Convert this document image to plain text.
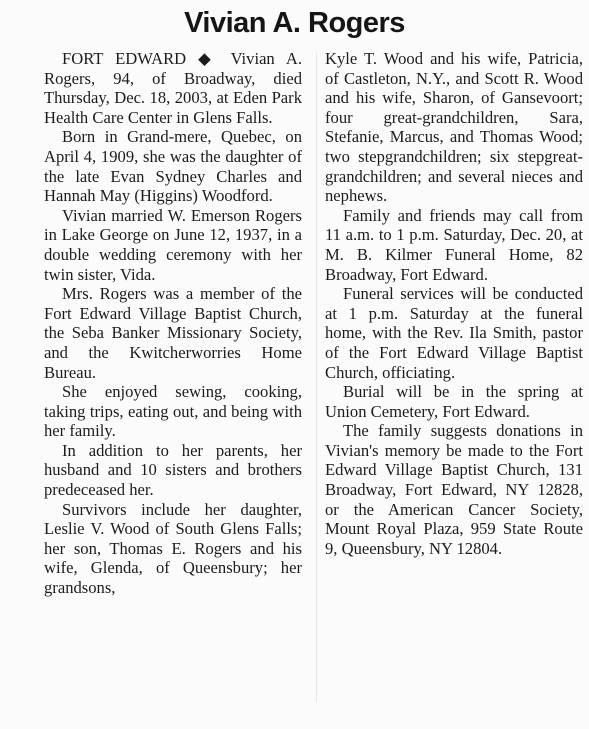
Vivian A. Rogers

FORT EDWARD ◆ Vivian A. Rogers, 94, of Broadway, died Thursday, Dec. 18, 2003, at Eden Park Health Care Center in Glens Falls.

Born in Grand-mere, Quebec, on April 4, 1909, she was the daughter of the late Evan Sydney Charles and Hannah May (Higgins) Woodford.

Vivian married W. Emerson Rogers in Lake George on June 12, 1937, in a double wedding ceremony with her twin sister, Vida.

Mrs. Rogers was a member of the Fort Edward Village Baptist Church, the Seba Banker Missionary Society, and the Kwitcherworries Home Bureau.

She enjoyed sewing, cooking, taking trips, eating out, and being with her family.

In addition to her parents, her husband and 10 sisters and brothers predeceased her.

Survivors include her daughter, Leslie V. Wood of South Glens Falls; her son, Thomas E. Rogers and his wife, Glenda, of Queensbury; her grandsons,

Kyle T. Wood and his wife, Patricia, of Castleton, N.Y., and Scott R. Wood and his wife, Sharon, of Gansevoort; four great-grandchildren, Sara, Stefanie, Marcus, and Thomas Wood; two stepgrandchildren; six stepgreat-grandchildren; and several nieces and nephews.

Family and friends may call from 11 a.m. to 1 p.m. Saturday, Dec. 20, at M. B. Kilmer Funeral Home, 82 Broadway, Fort Edward.

Funeral services will be conducted at 1 p.m. Saturday at the funeral home, with the Rev. Ila Smith, pastor of the Fort Edward Village Baptist Church, officiating.

Burial will be in the spring at Union Cemetery, Fort Edward.

The family suggests donations in Vivian's memory be made to the Fort Edward Village Baptist Church, 131 Broadway, Fort Edward, NY 12828, or the American Cancer Society, Mount Royal Plaza, 959 State Route 9, Queensbury, NY 12804.
